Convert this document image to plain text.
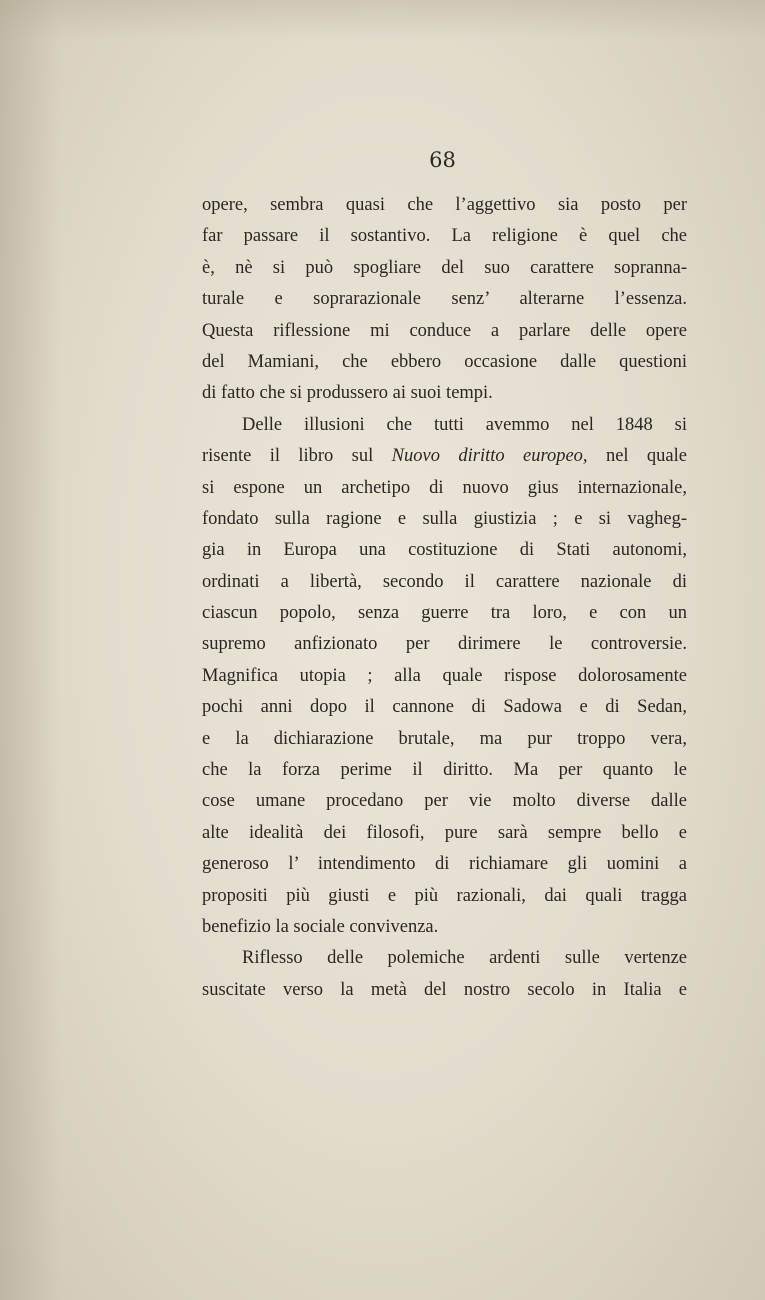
68
opere, sembra quasi che l’aggettivo sia posto per
far passare il sostantivo. La religione è quel che
è, nè si può spogliare del suo carattere sopranna-
turale e soprarazionale senz’ alterarne l’essenza.
Questa riflessione mi conduce a parlare delle opere
del Mamiani, che ebbero occasione dalle questioni
di fatto che si produssero ai suoi tempi.
Delle illusioni che tutti avemmo nel 1848 si
risente il libro sul Nuovo diritto europeo, nel quale
si espone un archetipo di nuovo gius internazionale,
fondato sulla ragione e sulla giustizia ; e si vagheg-
gia in Europa una costituzione di Stati autonomi,
ordinati a libertà, secondo il carattere nazionale di
ciascun popolo, senza guerre tra loro, e con un
supremo anfizionato per dirimere le controversie.
Magnifica utopia ; alla quale rispose dolorosamente
pochi anni dopo il cannone di Sadowa e di Sedan,
e la dichiarazione brutale, ma pur troppo vera,
che la forza perime il diritto. Ma per quanto le
cose umane procedano per vie molto diverse dalle
alte idealità dei filosofi, pure sarà sempre bello e
generoso l’ intendimento di richiamare gli uomini a
propositi più giusti e più razionali, dai quali tragga
benefizio la sociale convivenza.
Riflesso delle polemiche ardenti sulle vertenze
suscitate verso la metà del nostro secolo in Italia e
